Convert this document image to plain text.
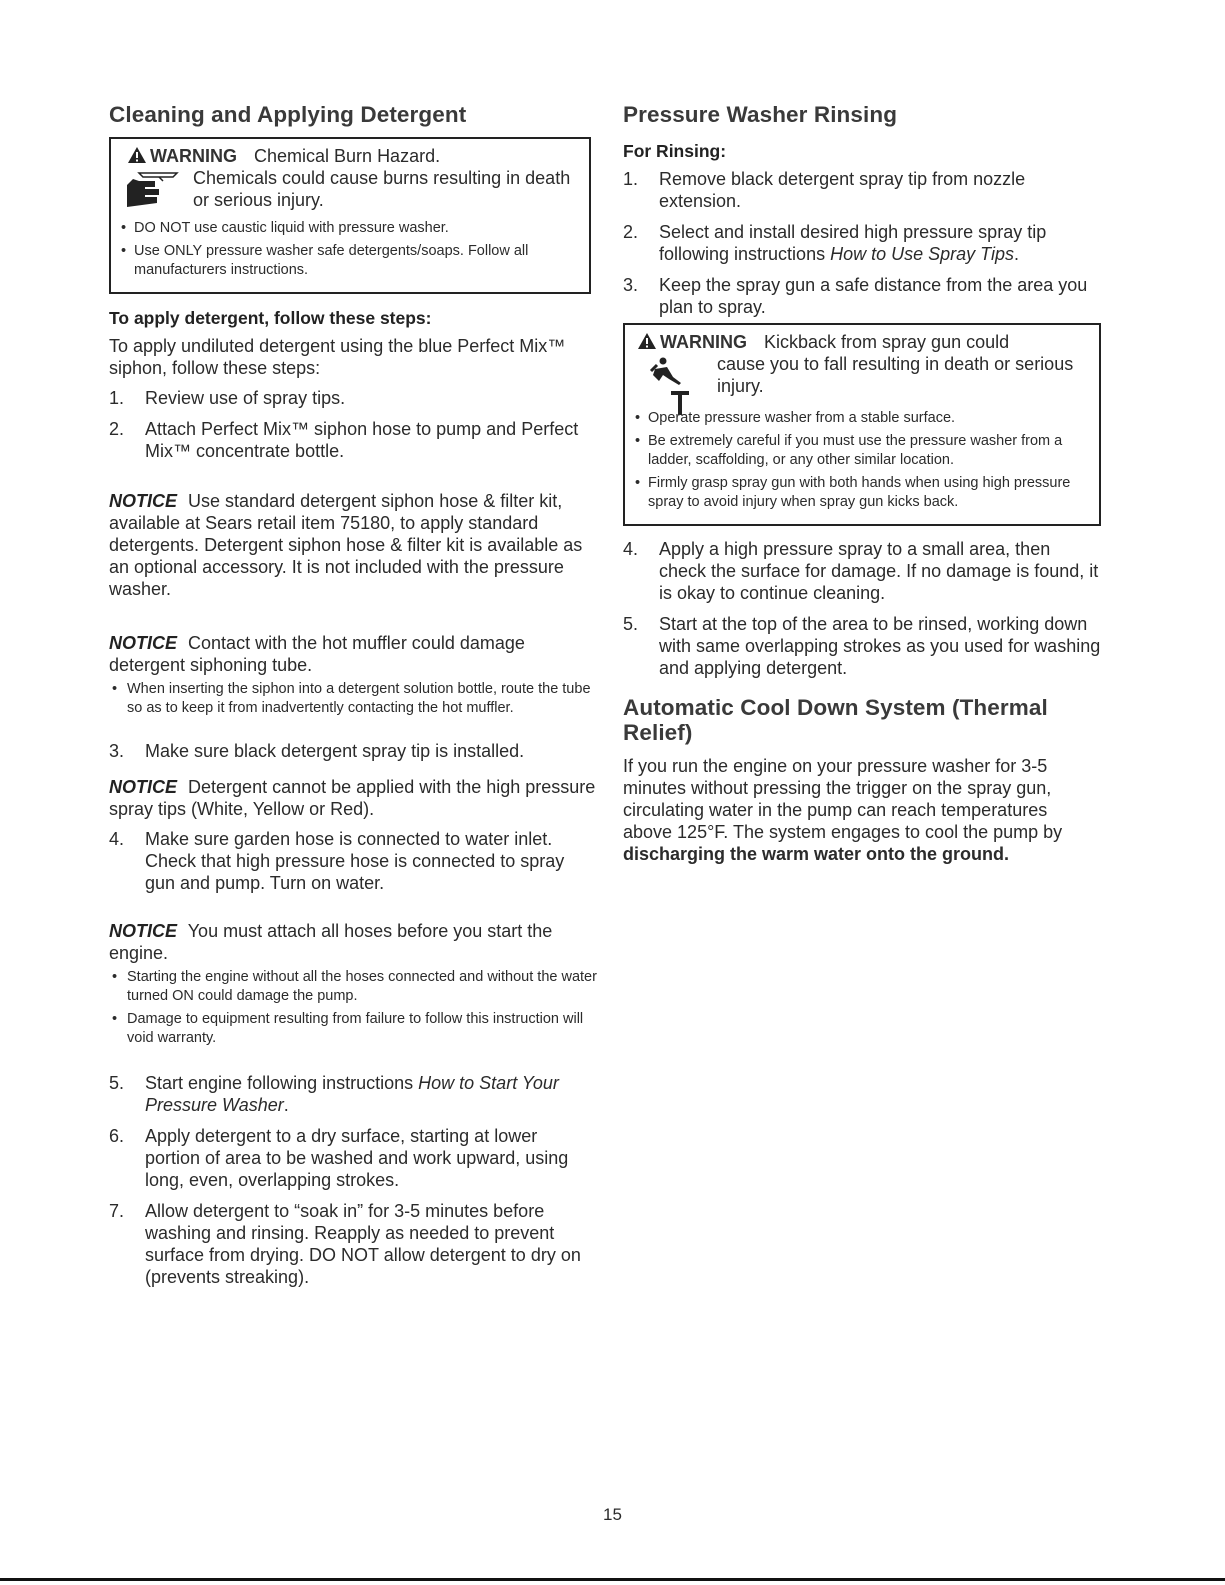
Cleaning and Applying Detergent
WARNING Chemical Burn Hazard.
Chemicals could cause burns resulting in death or serious injury.
• DO NOT use caustic liquid with pressure washer.
• Use ONLY pressure washer safe detergents/soaps. Follow all manufacturers instructions.
To apply detergent, follow these steps:

To apply undiluted detergent using the blue Perfect Mix™ siphon, follow these steps:

1.	Review use of spray tips.
2.	Attach Perfect Mix™ siphon hose to pump and Perfect Mix™ concentrate bottle.

NOTICE Use standard detergent siphon hose & filter kit, available at Sears retail item 75180, to apply standard detergents. Detergent siphon hose & filter kit is available as an optional accessory. It is not included with the pressure washer.

NOTICE Contact with the hot muffler could damage detergent siphoning tube.

• When inserting the siphon into a detergent solution bottle, route the tube so as to keep it from inadvertently contacting the hot muffler.
3.	Make sure black detergent spray tip is installed.

NOTICE Detergent cannot be applied with the high pressure spray tips (White, Yellow or Red).

4.	Make sure garden hose is connected to water inlet. Check that high pressure hose is connected to spray gun and pump. Turn on water.

NOTICE You must attach all hoses before you start the engine.

• Starting the engine without all the hoses connected and without the water turned ON could damage the pump.
• Damage to equipment resulting from failure to follow this instruction will void warranty.
5.	Start engine following instructions How to Start Your Pressure Washer.
6.	Apply detergent to a dry surface, starting at lower portion of area to be washed and work upward, using long, even, overlapping strokes.
7.	Allow detergent to “soak in” for 3-5 minutes before washing and rinsing. Reapply as needed to prevent surface from drying. DO NOT allow detergent to dry on (prevents streaking).
Pressure Washer Rinsing
For Rinsing:
1.	Remove black detergent spray tip from nozzle extension.
2.	Select and install desired high pressure spray tip following instructions How to Use Spray Tips.
3.	Keep the spray gun a safe distance from the area you plan to spray.
WARNING Kickback from spray gun could
cause you to fall resulting in death or serious injury.
• Operate pressure washer from a stable surface.
• Be extremely careful if you must use the pressure washer from a ladder, scaffolding, or any other similar location.
• Firmly grasp spray gun with both hands when using high pressure spray to avoid injury when spray gun kicks back.
4.	Apply a high pressure spray to a small area, then check the surface for damage. If no damage is found, it is okay to continue cleaning.
5.	Start at the top of the area to be rinsed, working down with same overlapping strokes as you used for washing and applying detergent.
Automatic Cool Down System (Thermal Relief)

If you run the engine on your pressure washer for 3-5 minutes without pressing the trigger on the spray gun, circulating water in the pump can reach temperatures above 125°F. The system engages to cool the pump by discharging the warm water onto the ground.

15
